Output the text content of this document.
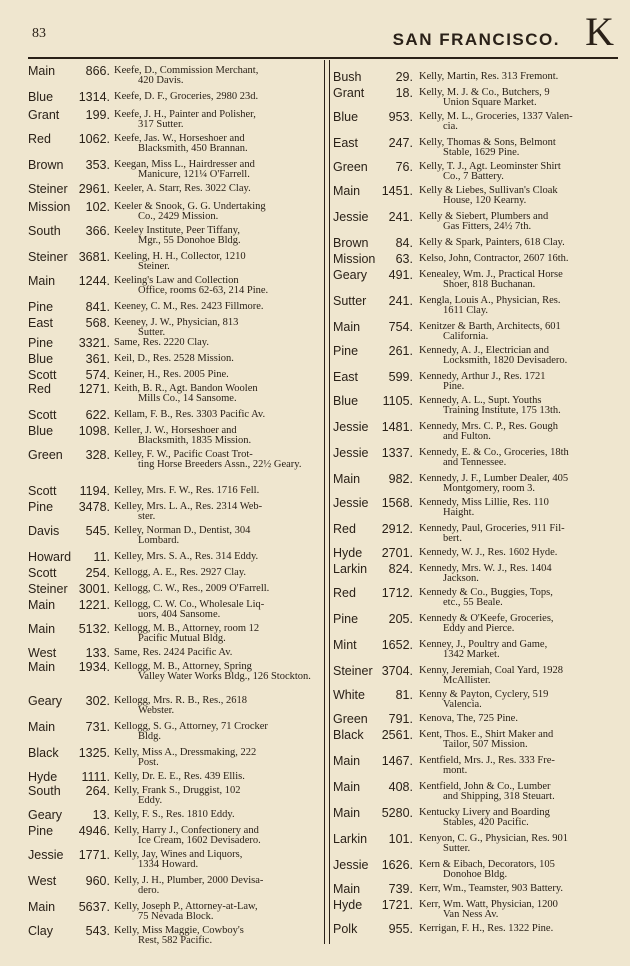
83	SAN FRANCISCO. K
Main	866. Keefe, D., Commission Merchant,
420 Davis.
Blue	1314. Keefe, D. F., Groceries, 2980 23d.
Grant	199. Keefe, J. H., Painter and Polisher,
317 Sutter.
Red	1062. Keefe, Jas. W., Horseshoer and
Blacksmith, 450 Brannan.
Brown	353. Keegan, Miss L., Hairdresser and
Manicure, 121¼ O'Farrell.
Steiner 2961. Keeler, A. Starr, Res. 3022 Clay.
Mission	102. Keeler & Snook, G. G. Undertaking
Co., 2429 Mission.
South	366. Keeley Institute, Peer Tiffany,
Mgr., 55 Donohoe Bldg.
Steiner 3681. Keeling, H. H., Collector, 1210
Steiner.
Main	1244. Keeling's Law and Collection
Office, rooms 62-63, 214 Pine.
Pine	841. Keeney, C. M., Res. 2423 Fillmore.
East	568. Keeney, J. W., Physician, 813
Sutter.
Pine	3321. Same, Res. 2220 Clay.
Blue	361. Keil, D., Res. 2528 Mission.
Scott	574. Keiner, H., Res. 2005 Pine.
Red	1271. Keith, B. R., Agt. Bandon Woolen
Mills Co., 14 Sansome.
Scott	622. Kellam, F. B., Res. 3303 Pacific Av.
Blue	1098. Keller, J. W., Horseshoer and
Blacksmith, 1835 Mission.
Green	328. Kelley, F. W., Pacific Coast Trot-
ting Horse Breeders Assn., 22½ Geary.
Scott	1194. Kelley, Mrs. F. W., Res. 1716 Fell.
Pine	3478. Kelley, Mrs. L. A., Res. 2314 Web-
ster.
Davis	545. Kelley, Norman D., Dentist, 304
Lombard.
Howard	11. Kelley, Mrs. S. A., Res. 314 Eddy.
Scott	254. Kellogg, A. E., Res. 2927 Clay.
Steiner 3001. Kellogg, C. W., Res., 2009 O'Farrell.
Main	1221. Kellogg, C. W. Co., Wholesale Liq-
uors, 404 Sansome.
Main	5132. Kellogg, M. B., Attorney, room 12
Pacific Mutual Bldg.
West	133. Same, Res. 2424 Pacific Av.
Main	1934. Kellogg, M. B., Attorney, Spring
Valley Water Works Bldg., 126 Stockton.
Geary	302. Kellogg, Mrs. R. B., Res., 2618
Webster.
Main	731. Kellogg, S. G., Attorney, 71 Crocker
Bldg.
Black	1325. Kelly, Miss A., Dressmaking, 222
Post.
Hyde	1111. Kelly, Dr. E. E., Res. 439 Ellis.
South	264. Kelly, Frank S., Druggist, 102
Eddy.
Geary	13. Kelly, F. S., Res. 1810 Eddy.
Pine	4946. Kelly, Harry J., Confectionery and
Ice Cream, 1602 Devisadero.
Jessie	1771. Kelly, Jay, Wines and Liquors,
1334 Howard.
West	960. Kelly, J. H., Plumber, 2000 Devisa-
dero.
Main	5637. Kelly, Joseph P., Attorney-at-Law,
75 Nevada Block.
Clay	543. Kelly, Miss Maggie, Cowboy's
Rest, 582 Pacific.
Bush	29. Kelly, Martin, Res. 313 Fremont.
Grant	18. Kelly, M. J. & Co., Butchers, 9
Union Square Market.
Blue	953. Kelly, M. L., Groceries, 1337 Valen-
cia.
East	247. Kelly, Thomas & Sons, Belmont
Stable, 1629 Pine.
Green	76. Kelly, T. J., Agt. Leominster Shirt
Co., 7 Battery.
Main	1451. Kelly & Liebes, Sullivan's Cloak
House, 120 Kearny.
Jessie	241. Kelly & Siebert, Plumbers and
Gas Fitters, 24½ 7th.
Brown	84. Kelly & Spark, Painters, 618 Clay.
Mission	63. Kelso, John, Contractor, 2607 16th.
Geary	491. Kenealey, Wm. J., Practical Horse
Shoer, 818 Buchanan.
Sutter	241. Kengla, Louis A., Physician, Res.
1611 Clay.
Main	754. Kenitzer & Barth, Architects, 601
California.
Pine	261. Kennedy, A. J., Electrician and
Locksmith, 1820 Devisadero.
East	599. Kennedy, Arthur J., Res. 1721
Pine.
Blue	1105. Kennedy, A. L., Supt. Youths
Training Institute, 175 13th.
Jessie	1481. Kennedy, Mrs. C. P., Res. Gough
and Fulton.
Jessie	1337. Kennedy, E. & Co., Groceries, 18th
and Tennessee.
Main	982. Kennedy, J. F., Lumber Dealer, 405
Montgomery, room 3.
Jessie	1568. Kennedy, Miss Lillie, Res. 110
Haight.
Red	2912. Kennedy, Paul, Groceries, 911 Fil-
bert.
Hyde	2701. Kennedy, W. J., Res. 1602 Hyde.
Larkin	824. Kennedy, Mrs. W. J., Res. 1404
Jackson.
Red	1712. Kennedy & Co., Buggies, Tops,
etc., 55 Beale.
Pine	205. Kennedy & O'Keefe, Groceries,
Eddy and Pierce.
Mint	1652. Kenney, J., Poultry and Game,
1342 Market.
Steiner 3704. Kenny, Jeremiah, Coal Yard, 1928
McAllister.
White	81. Kenny & Payton, Cyclery, 519
Valencia.
Green	791. Kenova, The, 725 Pine.
Black	2561. Kent, Thos. E., Shirt Maker and
Tailor, 507 Mission.
Main	1467. Kentfield, Mrs. J., Res. 333 Fre-
mont.
Main	408. Kentfield, John & Co., Lumber
and Shipping, 318 Steuart.
Main	5280. Kentucky Livery and Boarding
Stables, 420 Pacific.
Larkin	101. Kenyon, C. G., Physician, Res. 901
Sutter.
Jessie	1626. Kern & Eibach, Decorators, 105
Donohoe Bldg.
Main	739. Kerr, Wm., Teamster, 903 Battery.
Hyde	1721. Kerr, Wm. Watt, Physician, 1200
Van Ness Av.
Polk	955. Kerrigan, F. H., Res. 1322 Pine.
